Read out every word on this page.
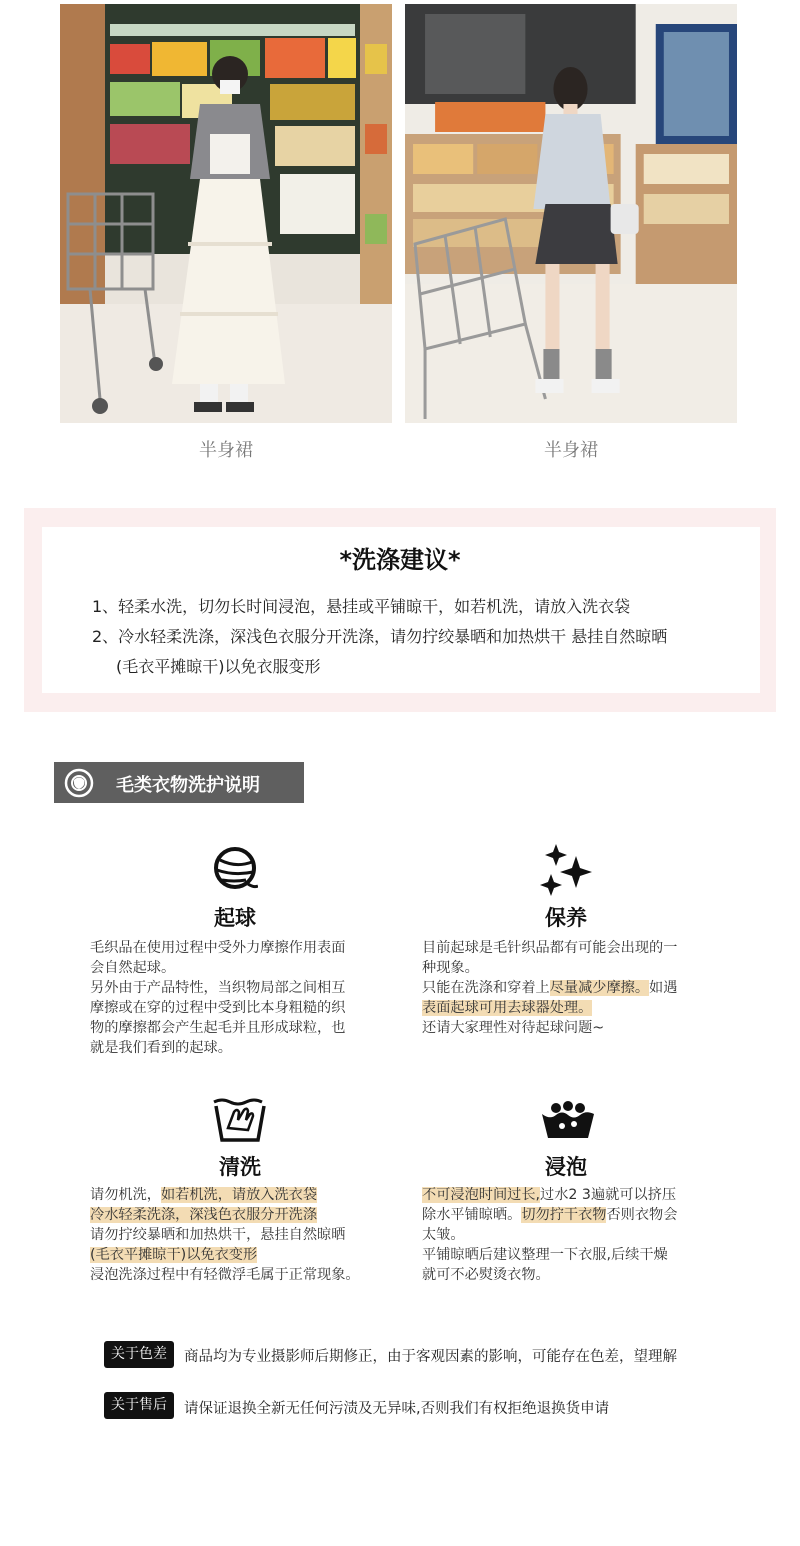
半身裙	半身裙
*洗涤建议*
1、轻柔水洗，切勿长时间浸泡，悬挂或平铺晾干，如若机洗，请放入洗衣袋
2、冷水轻柔洗涤，深浅色衣服分开洗涤，请勿拧绞暴晒和加热烘干 悬挂自然晾晒
(毛衣平摊晾干)以免衣服变形
毛类衣物洗护说明
起球

毛织品在使用过程中受外力摩擦作用表面

会自然起球。

另外由于产品特性，当织物局部之间相互

摩擦或在穿的过程中受到比本身粗糙的织

物的摩擦都会产生起毛并且形成球粒，也

就是我们看到的起球。

保养

目前起球是毛针织品都有可能会出现的一

种现象。

只能在洗涤和穿着上尽量减少摩擦。如遇

表面起球可用去球器处理。

还请大家理性对待起球问题~

清洗

请勿机洗，如若机洗，请放入洗衣袋

冷水轻柔洗涤，深浅色衣服分开洗涤

请勿拧绞暴晒和加热烘干，悬挂自然晾晒

(毛衣平摊晾干)以免衣变形

浸泡洗涤过程中有轻微浮毛属于正常现象。

浸泡

不可浸泡时间过长,过水2 3遍就可以挤压

除水平铺晾晒。切勿拧干衣物否则衣物会

太皱。

平铺晾晒后建议整理一下衣服,后续干燥

就可不必熨烫衣物。

关于色差	商品均为专业摄影师后期修正，由于客观因素的影响，可能存在色差，望理解
关于售后	请保证退换全新无任何污渍及无异味,否则我们有权拒绝退换货申请
